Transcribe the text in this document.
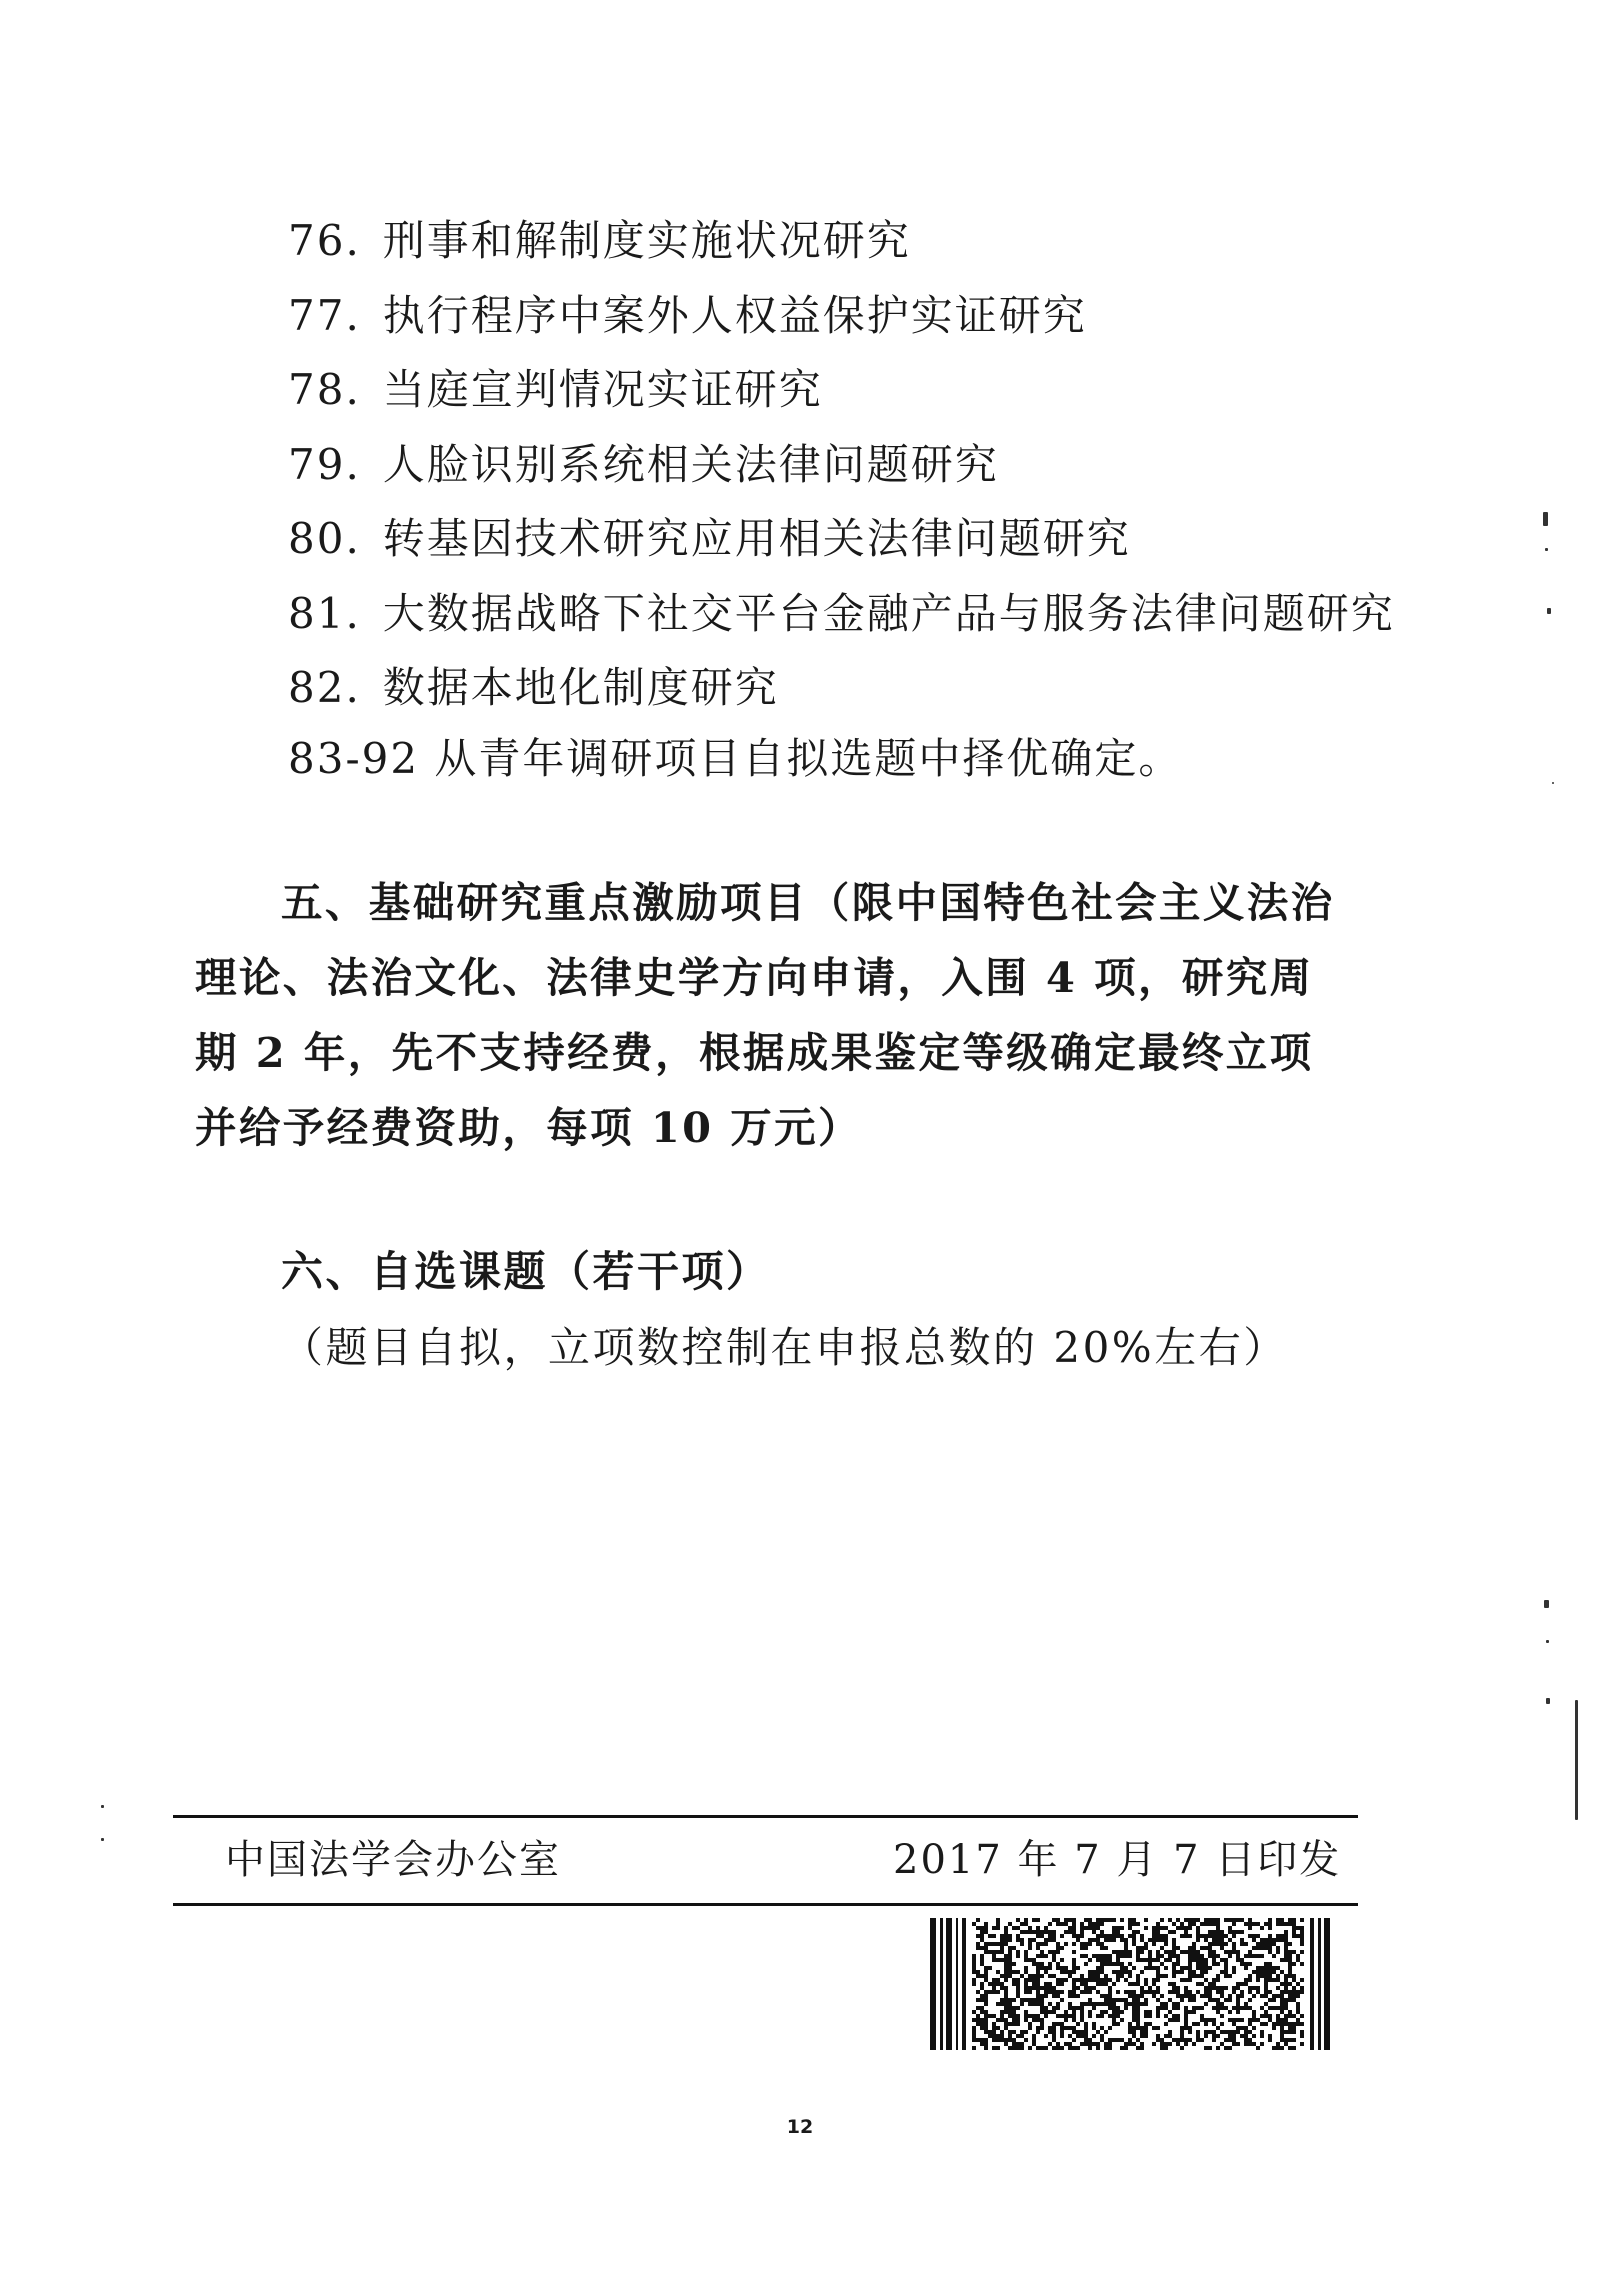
76. 刑事和解制度实施状况研究
77. 执行程序中案外人权益保护实证研究
78. 当庭宣判情况实证研究
79. 人脸识别系统相关法律问题研究
80. 转基因技术研究应用相关法律问题研究
81. 大数据战略下社交平台金融产品与服务法律问题研究
82. 数据本地化制度研究
83-92 从青年调研项目自拟选题中择优确定。
五、基础研究重点激励项目（限中国特色社会主义法治理论、法治文化、法律史学方向申请，入围 4 项，研究周期 2 年，先不支持经费，根据成果鉴定等级确定最终立项并给予经费资助，每项 10 万元）
六、自选课题（若干项）
（题目自拟，立项数控制在申报总数的 20%左右）
中国法学会办公室	2017 年 7 月 7 日印发
12
